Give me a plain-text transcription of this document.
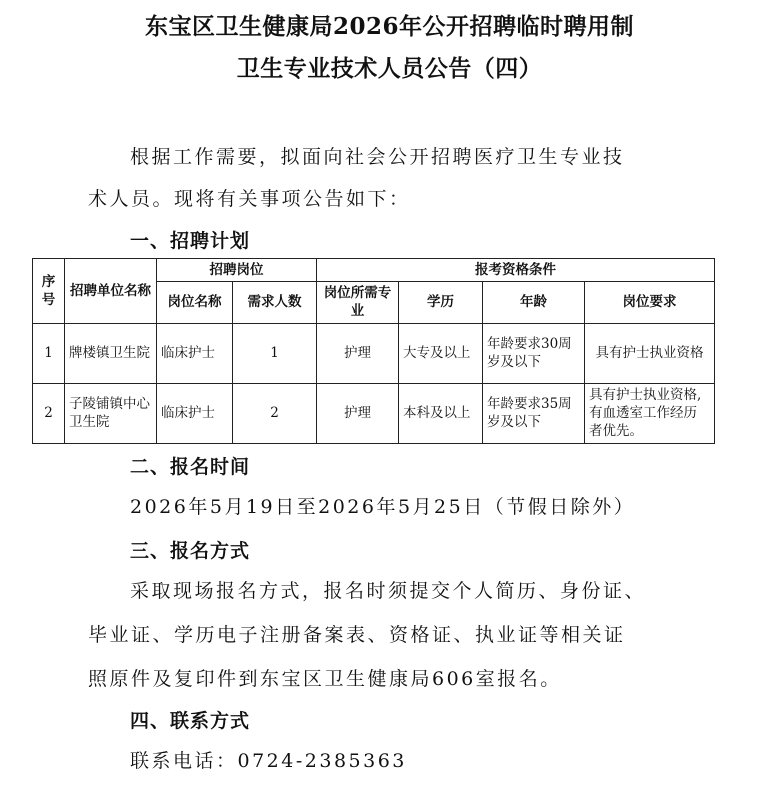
东宝区卫生健康局2026年公开招聘临时聘用制
卫生专业技术人员公告（四）
根据工作需要，拟面向社会公开招聘医疗卫生专业技
术人员。现将有关事项公告如下：
一、招聘计划
序号	招聘单位名称	招聘岗位		报考资格条件			
		岗位名称	需求人数	岗位所需专业	学历	年龄	岗位要求
1	牌楼镇卫生院	临床护士	1	护理	大专及以上	年龄要求30周岁及以下	具有护士执业资格
2	子陵铺镇中心卫生院	临床护士	2	护理	本科及以上	年龄要求35周岁及以下	具有护士执业资格,有血透室工作经历者优先。
二、报名时间
2026年5月19日至2026年5月25日（节假日除外）
三、报名方式
采取现场报名方式，报名时须提交个人简历、身份证、
毕业证、学历电子注册备案表、资格证、执业证等相关证
照原件及复印件到东宝区卫生健康局606室报名。
四、联系方式
联系电话：0724-2385363
